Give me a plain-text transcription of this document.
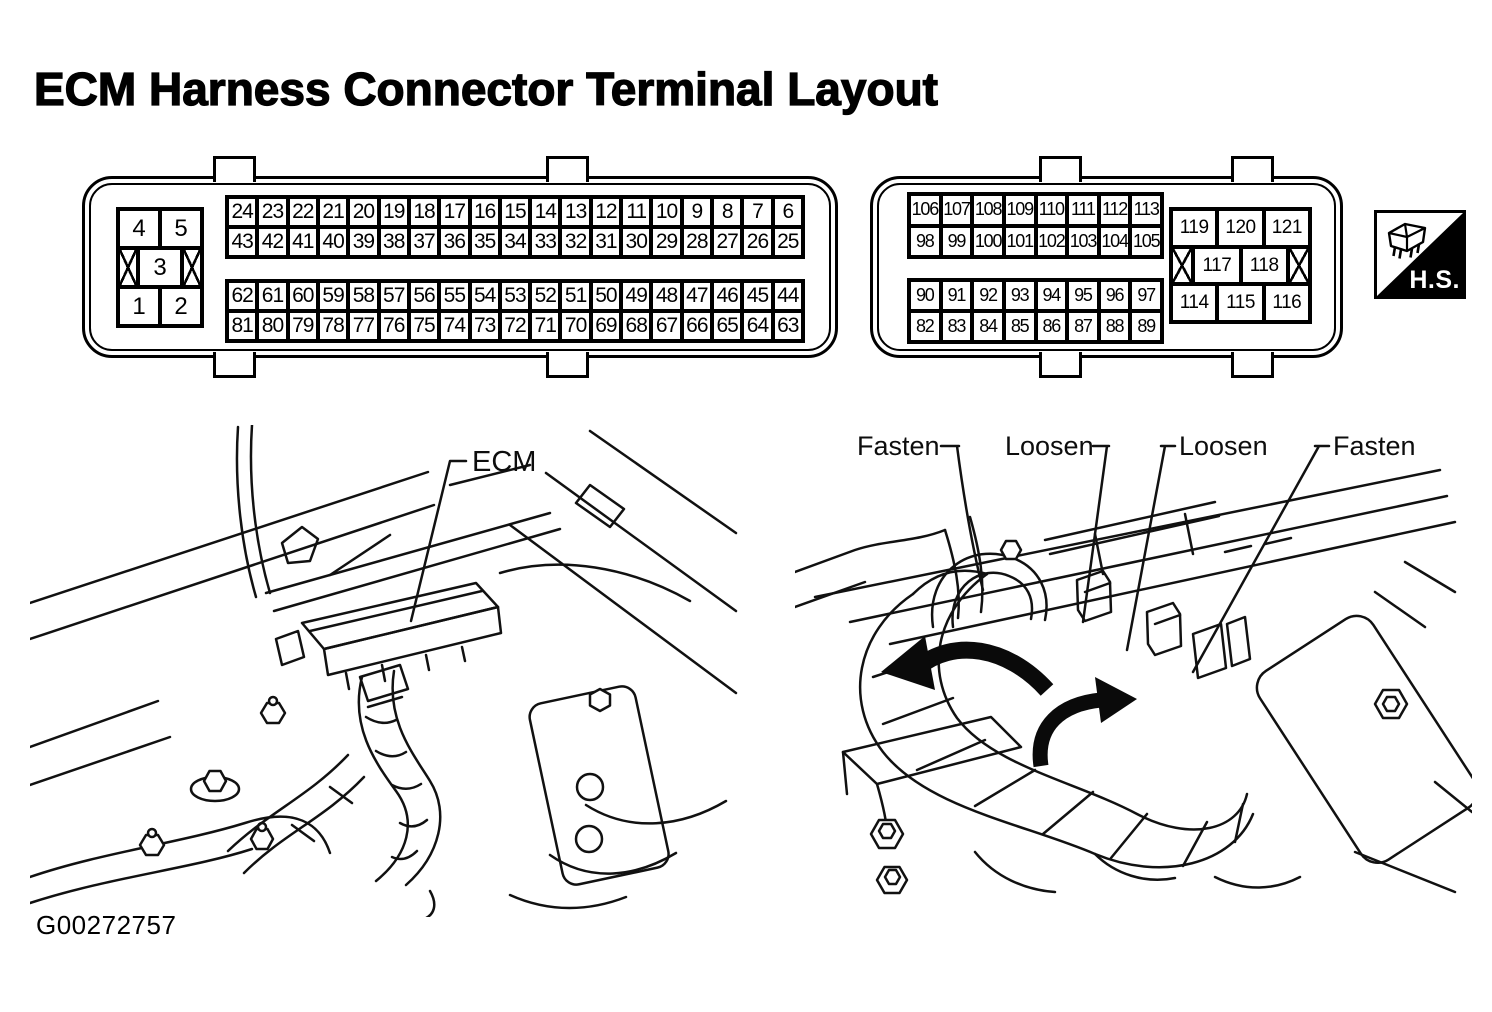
ECM Harness Connector Terminal Layout
4	5
3
1	2
24 23 22 21 20 19 18 17 16 15 14 13 12 11 10 9 8 7 6
43 42 41 40 39 38 37 36 35 34 33 32 31 30 29 28 27 26 25
62 61 60 59 58 57 56 55 54 53 52 51 50 49 48 47 46 45 44
81 80 79 78 77 76 75 74 73 72 71 70 69 68 67 66 65 64 63
106 107 108 109 110 111 112 113
98 99 100 101 102 103 104 105
90 91 92 93 94 95 96 97
82 83 84 85 86 87 88 89
119 120 121
117 118
114 115 116
H.S.
ECM	Fasten Loosen	Loosen Fasten
G00272757
